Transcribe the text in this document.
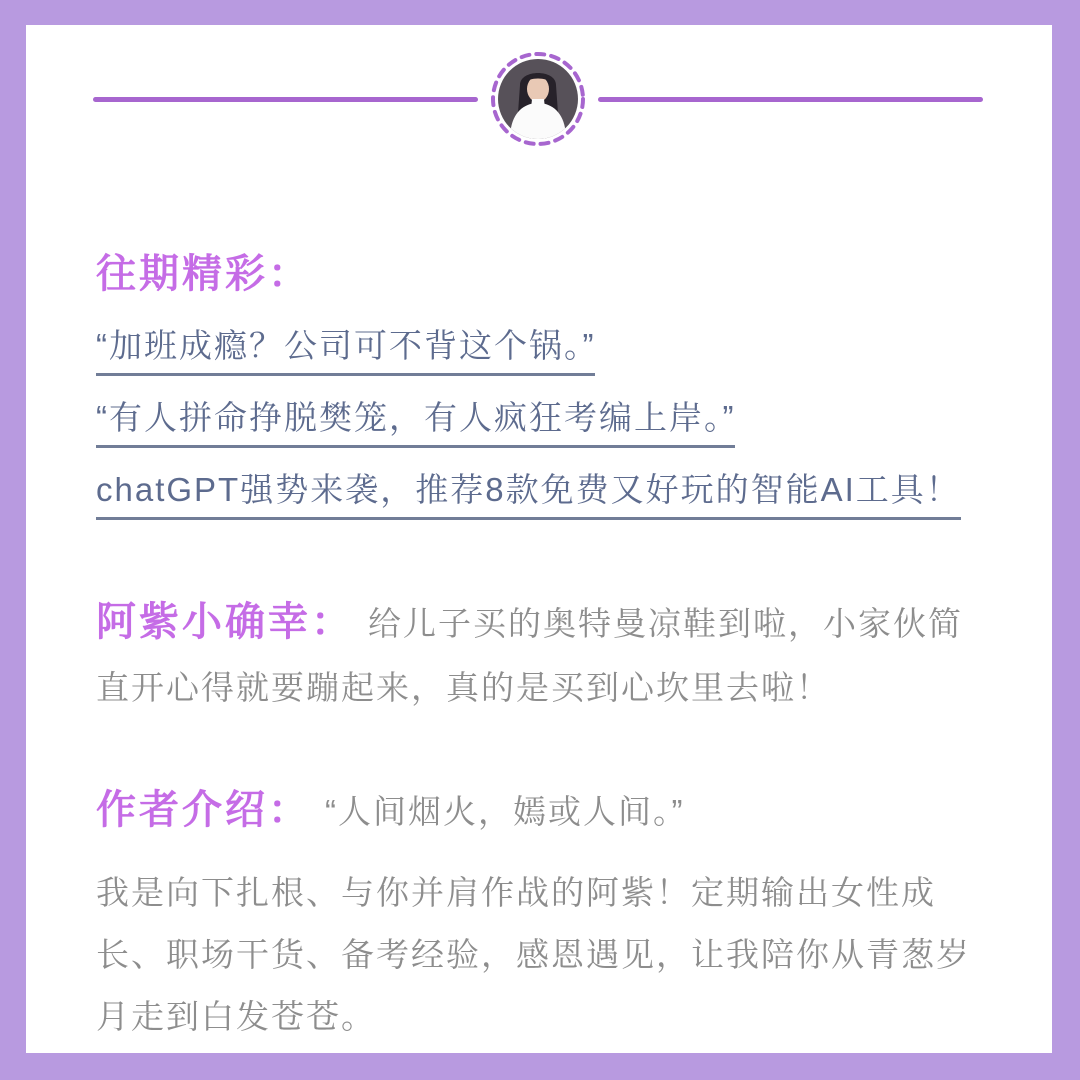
往期精彩：
“加班成瘾？公司可不背这个锅。”
“有人拼命挣脱樊笼，有人疯狂考编上岸。”
chatGPT强势来袭，推荐8款免费又好玩的智能AI工具！

阿紫小确幸： 给儿子买的奥特曼凉鞋到啦，小家伙简直开心得就要蹦起来，真的是买到心坎里去啦！

作者介绍： “人间烟火，嫣或人间。”

我是向下扎根、与你并肩作战的阿紫！定期输出女性成长、职场干货、备考经验，感恩遇见，让我陪你从青葱岁月走到白发苍苍。
